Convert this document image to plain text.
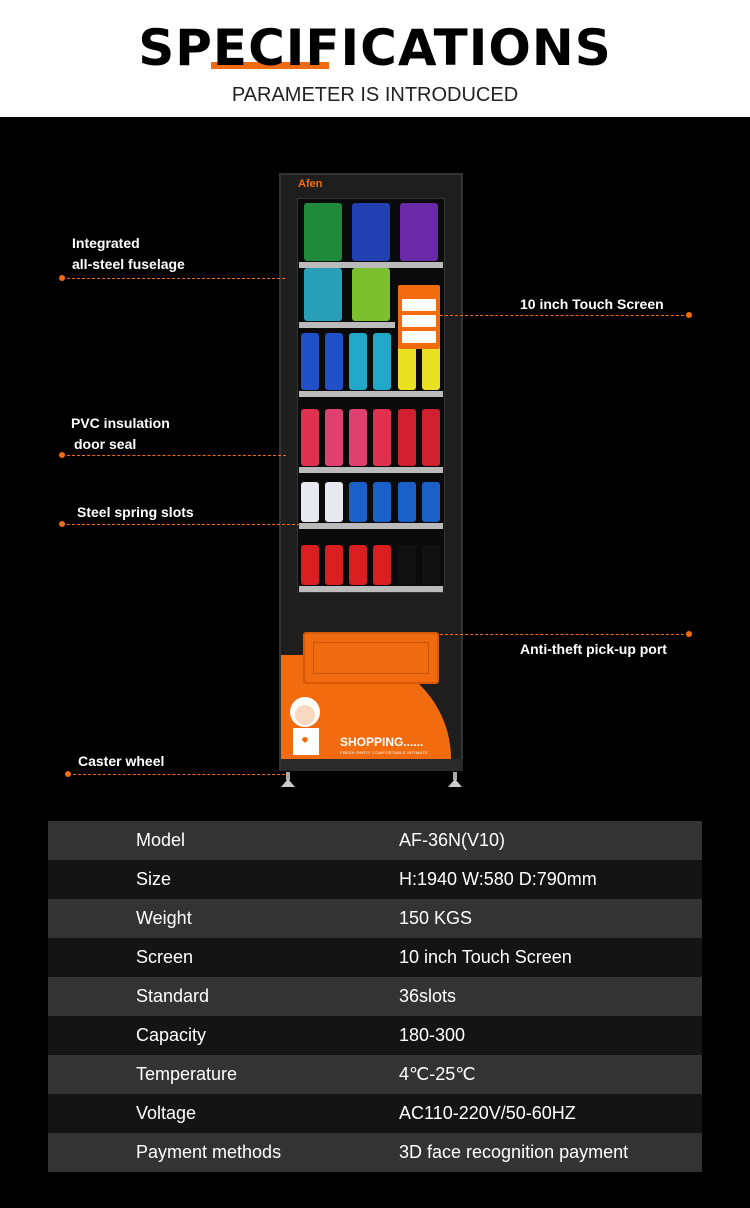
SPECIFICATIONS
PARAMETER IS INTRODUCED
Afen
SHOPPING......
FRESH PARTY COMFORTABLE INTIMATE
Integrated
all-steel fuselage
10 inch Touch Screen
PVC insulation
door seal
Steel spring slots
Anti-theft pick-up port
Caster wheel
Model	AF-36N(V10)
Size	H:1940 W:580 D:790mm
Weight	150 KGS
Screen	10 inch Touch Screen
Standard	36slots
Capacity	180-300
Temperature	4℃-25℃
Voltage	AC110-220V/50-60HZ
Payment methods	3D face recognition payment
